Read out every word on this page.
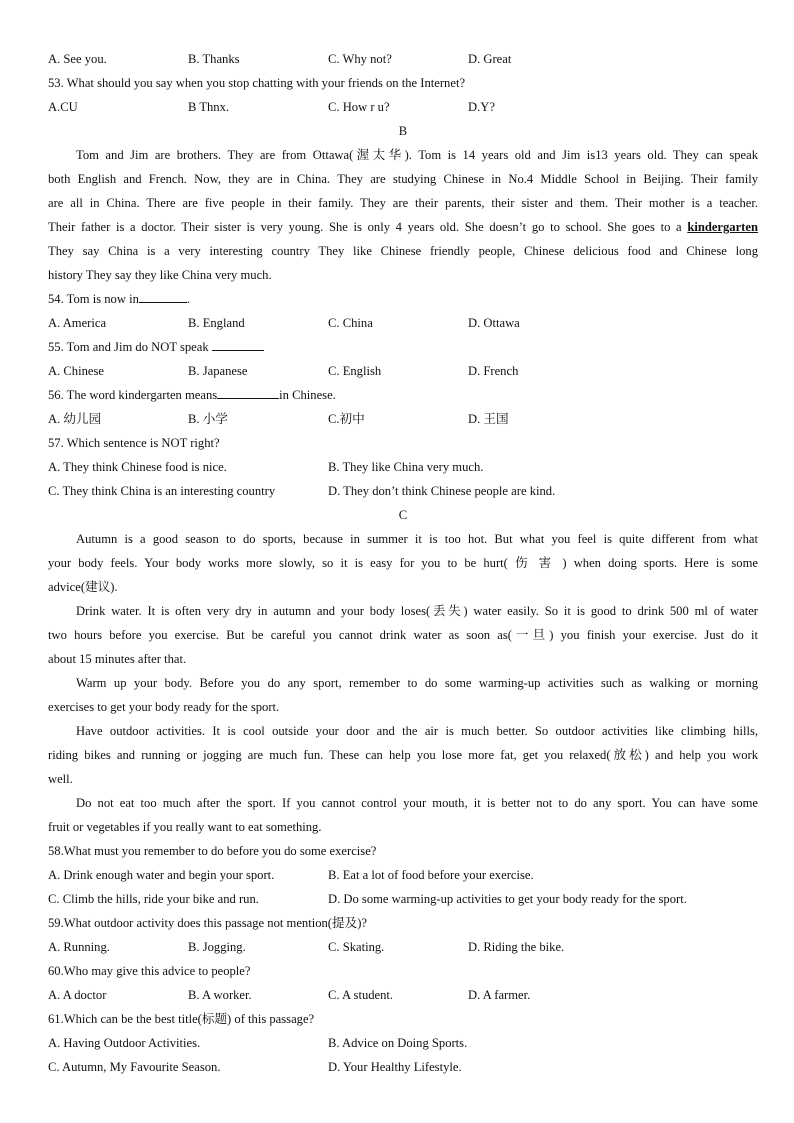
A. See you.	B. Thanks	C. Why not?	D. Great
53. What should you say when you stop chatting with your friends on the Internet?
A.CU	B Thnx.	C. How r u?	D.Y?
B
Tom and Jim are brothers. They are from Ottawa(渥太华). Tom is 14 years old and Jim is13 years old. They can speak
both English and French. Now, they are in China. They are studying Chinese in No.4 Middle School in Beijing. Their family
are all in China. There are five people in their family. They are their parents, their sister and them. Their mother is a teacher.
Their father is a doctor. Their sister is very young. She is only 4 years old. She doesn’t go to school. She goes to a kindergarten
They say China is a very interesting country They like Chinese friendly people, Chinese delicious food and Chinese long
history They say they like China very much.
54. Tom is now in	.
A. America	B. England	C. China	D. Ottawa
55. Tom and Jim do NOT speak
A. Chinese	B. Japanese	C. English	D. French
56. The word kindergarten means	in Chinese.
A. 幼儿园	B. 小学	C.初中	D. 王国
57. Which sentence is NOT right?
A. They think Chinese food is nice.	B. They like China very much.
C. They think China is an interesting country	D. They don’t think Chinese people are kind.
C
Autumn is a good season to do sports, because in summer it is too hot. But what you feel is quite different from what
your body feels. Your body works more slowly, so it is easy for you to be hurt( 伤 害 ) when doing sports. Here is some
advice(建议).
Drink water. It is often very dry in autumn and your body loses(丢失) water easily. So it is good to drink 500 ml of water
two hours before you exercise. But be careful you cannot drink water as soon as(一旦) you finish your exercise. Just do it
about 15 minutes after that.
Warm up your body. Before you do any sport, remember to do some warming-up activities such as walking or morning
exercises to get your body ready for the sport.
Have outdoor activities. It is cool outside your door and the air is much better. So outdoor activities like climbing hills,
riding bikes and running or jogging are much fun. These can help you lose more fat, get you relaxed(放松) and help you work
well.
Do not eat too much after the sport. If you cannot control your mouth, it is better not to do any sport. You can have some
fruit or vegetables if you really want to eat something.
58.What must you remember to do before you do some exercise?
A. Drink enough water and begin your sport.	B. Eat a lot of food before your exercise.
C. Climb the hills, ride your bike and run.	D. Do some warming-up activities to get your body ready for the sport.
59.What outdoor activity does this passage not mention(提及)?
A. Running.	B. Jogging.	C. Skating.	D. Riding the bike.
60.Who may give this advice to people?
A. A doctor	B. A worker.	C. A student.	D. A farmer.
61.Which can be the best title(标题) of this passage?
A. Having Outdoor Activities.	B. Advice on Doing Sports.
C. Autumn, My Favourite Season.	D. Your Healthy Lifestyle.
